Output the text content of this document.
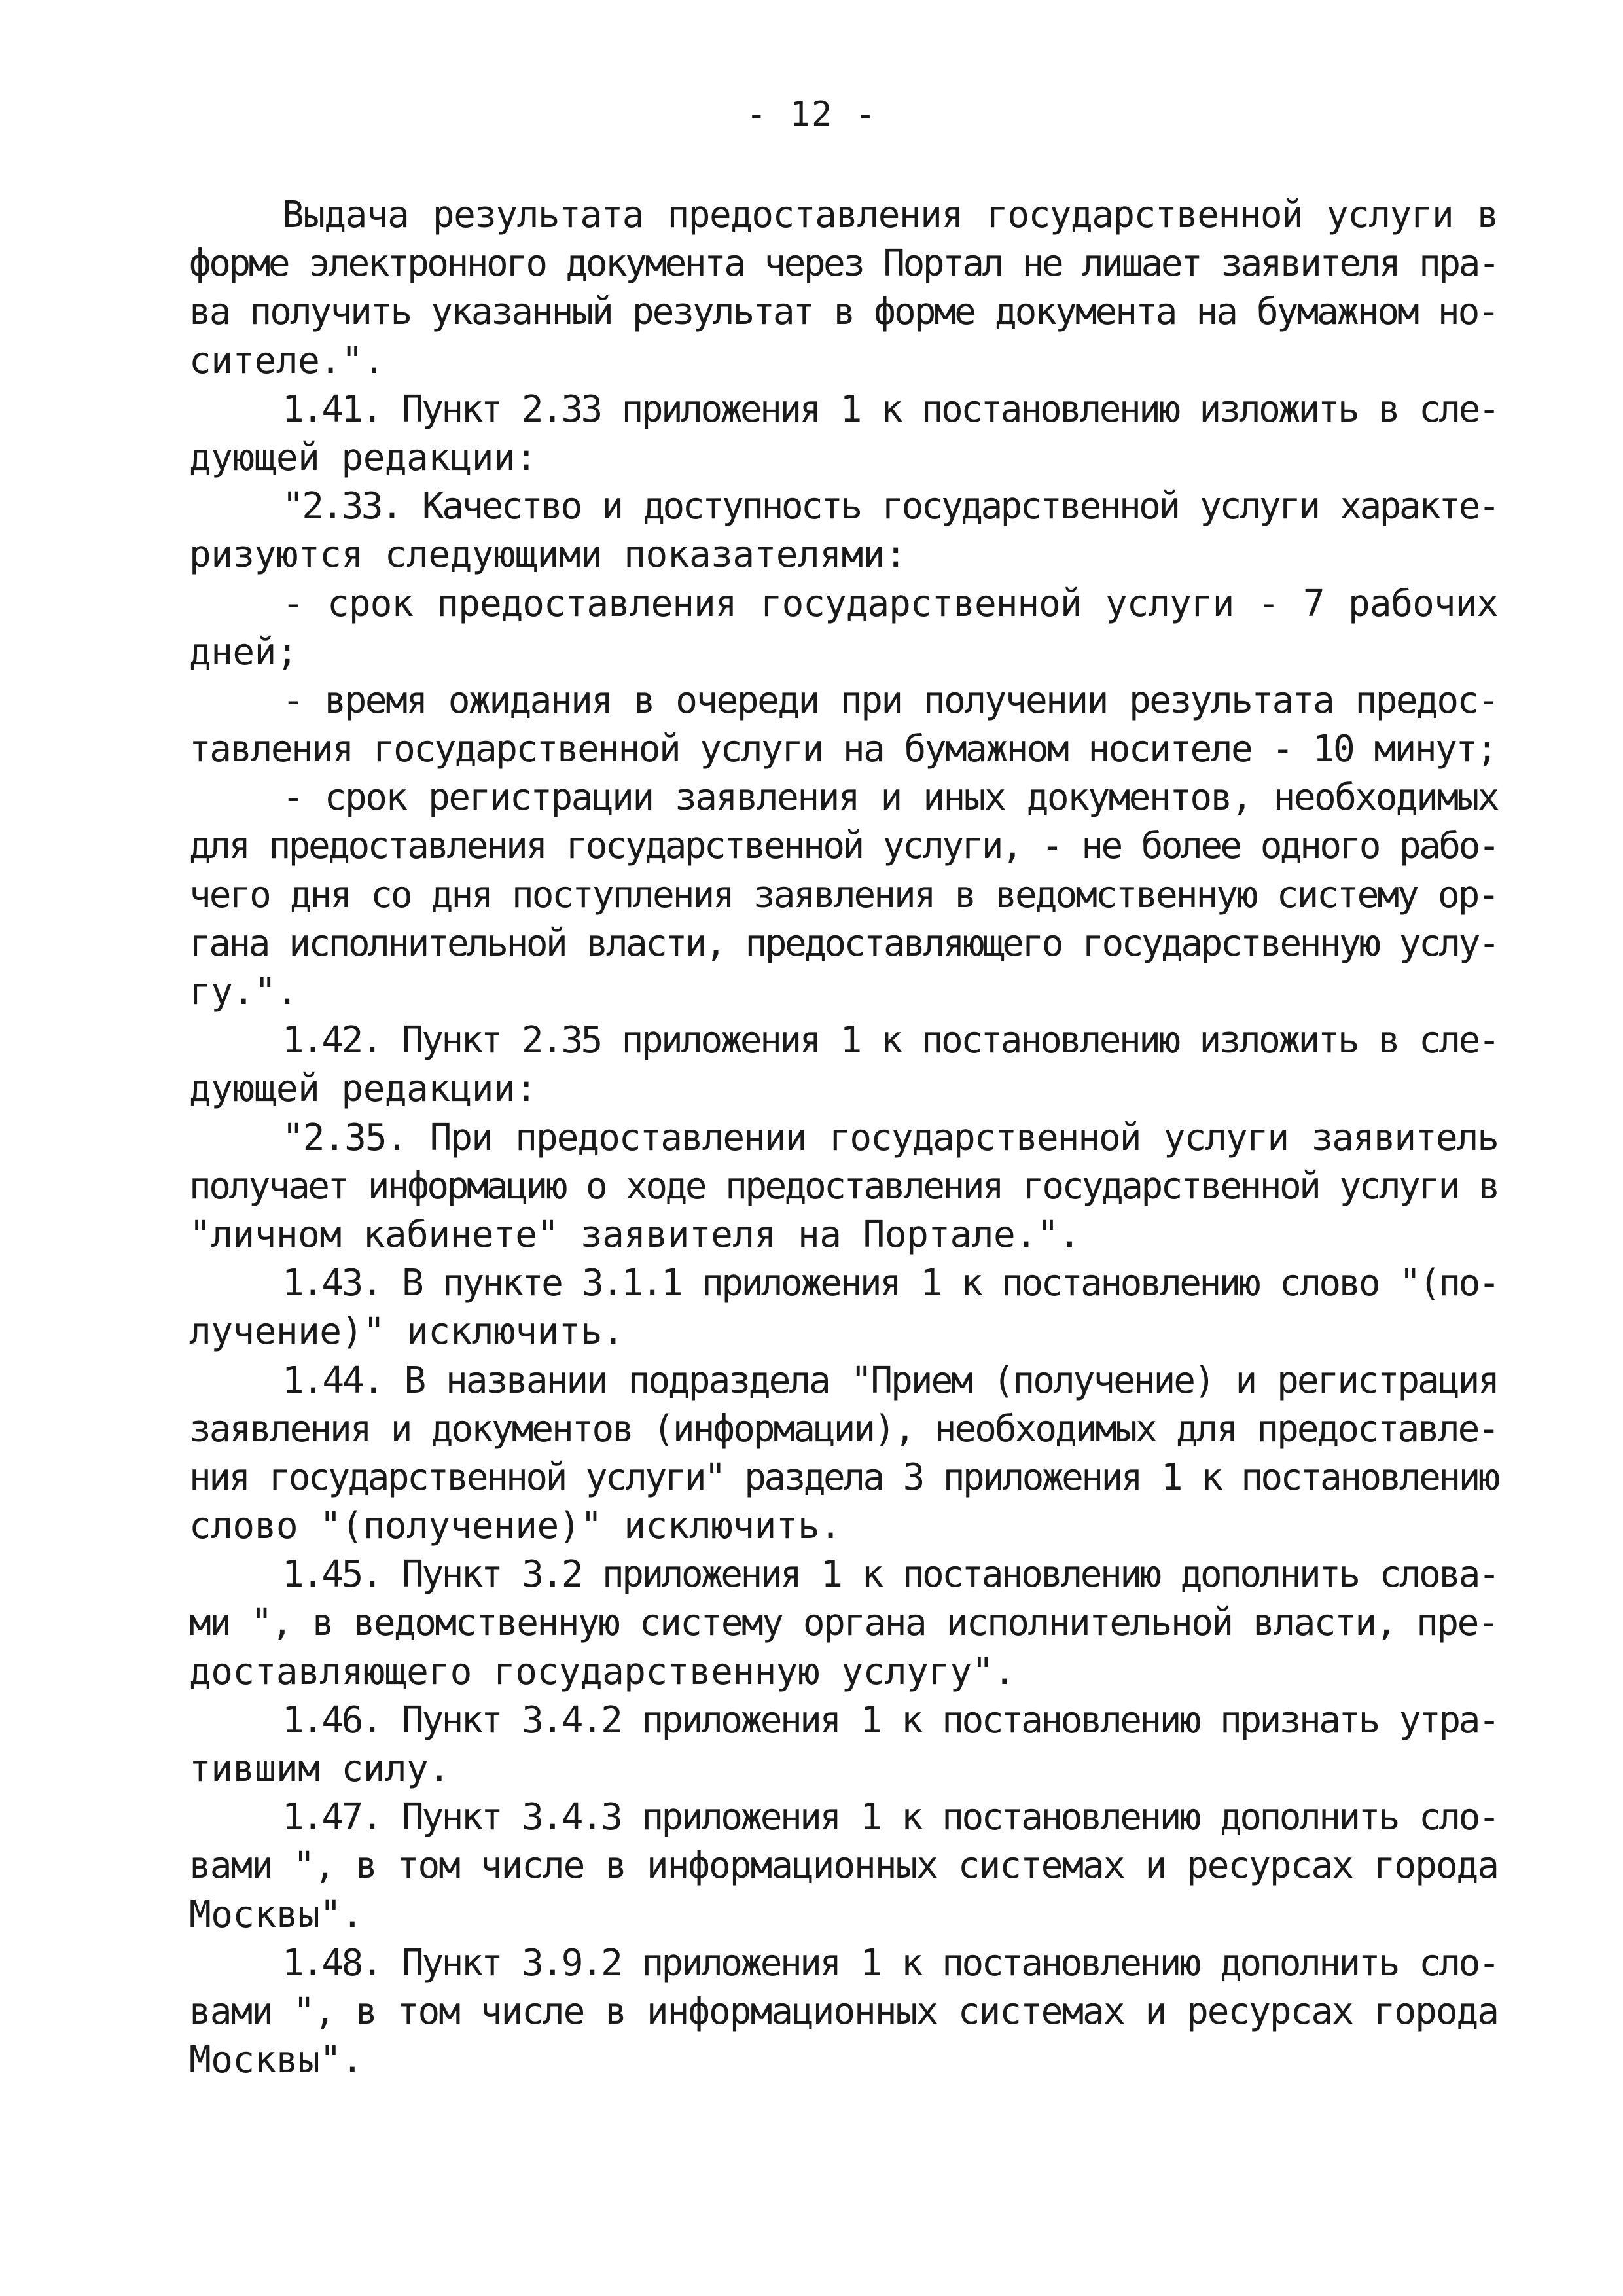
- 12 -
Выдача результата предоставления государственной услуги в
форме электронного документа через Портал не лишает заявителя пра-
ва получить указанный результат в форме документа на бумажном но-
сителе.".
1.41. Пункт 2.33 приложения 1 к постановлению изложить в сле-
дующей редакции:
"2.33. Качество и доступность государственной услуги характе-
ризуются следующими показателями:
- срок предоставления государственной услуги - 7 рабочих
дней;
- время ожидания в очереди при получении результата предос-
тавления государственной услуги на бумажном носителе - 10 минут;
- срок регистрации заявления и иных документов, необходимых
для предоставления государственной услуги, - не более одного рабо-
чего дня со дня поступления заявления в ведомственную систему ор-
гана исполнительной власти, предоставляющего государственную услу-
гу.".
1.42. Пункт 2.35 приложения 1 к постановлению изложить в сле-
дующей редакции:
"2.35. При предоставлении государственной услуги заявитель
получает информацию о ходе предоставления государственной услуги в
"личном кабинете" заявителя на Портале.".
1.43. В пункте 3.1.1 приложения 1 к постановлению слово "(по-
лучение)" исключить.
1.44. В названии подраздела "Прием (получение) и регистрация
заявления и документов (информации), необходимых для предоставле-
ния государственной услуги" раздела 3 приложения 1 к постановлению
слово "(получение)" исключить.
1.45. Пункт 3.2 приложения 1 к постановлению дополнить слова-
ми ", в ведомственную систему органа исполнительной власти, пре-
доставляющего государственную услугу".
1.46. Пункт 3.4.2 приложения 1 к постановлению признать утра-
тившим силу.
1.47. Пункт 3.4.3 приложения 1 к постановлению дополнить сло-
вами ", в том числе в информационных системах и ресурсах города
Москвы".
1.48. Пункт 3.9.2 приложения 1 к постановлению дополнить сло-
вами ", в том числе в информационных системах и ресурсах города
Москвы".
